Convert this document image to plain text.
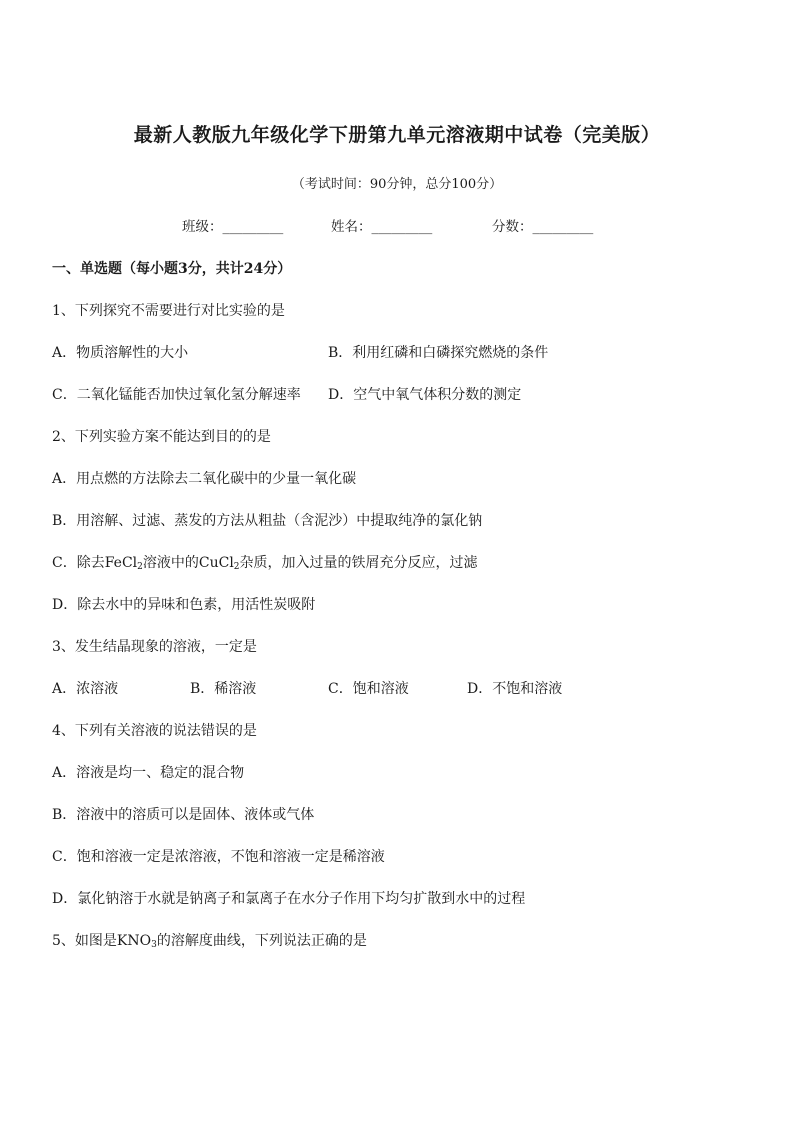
最新人教版九年级化学下册第九单元溶液期中试卷（完美版）
（考试时间：90分钟，总分100分）
班级：_________	姓名：_________	分数：_________
一、单选题（每小题3分，共计24分）
1、下列探究不需要进行对比实验的是
A．物质溶解性的大小	B．利用红磷和白磷探究燃烧的条件
C．二氧化锰能否加快过氧化氢分解速率 D．空气中氧气体积分数的测定
2、下列实验方案不能达到目的的是
A．用点燃的方法除去二氧化碳中的少量一氧化碳
B．用溶解、过滤、蒸发的方法从粗盐（含泥沙）中提取纯净的氯化钠
C．除去FeCl$_2$溶液中的CuCl$_2$杂质，加入过量的铁屑充分反应，过滤
D．除去水中的异味和色素，用活性炭吸附
3、发生结晶现象的溶液，一定是
A．浓溶液	B．稀溶液	C．饱和溶液	D．不饱和溶液
4、下列有关溶液的说法错误的是
A．溶液是均一、稳定的混合物
B．溶液中的溶质可以是固体、液体或气体
C．饱和溶液一定是浓溶液，不饱和溶液一定是稀溶液
D．氯化钠溶于水就是钠离子和氯离子在水分子作用下均匀扩散到水中的过程
5、如图是$KNO_3$的溶解度曲线，下列说法正确的是
